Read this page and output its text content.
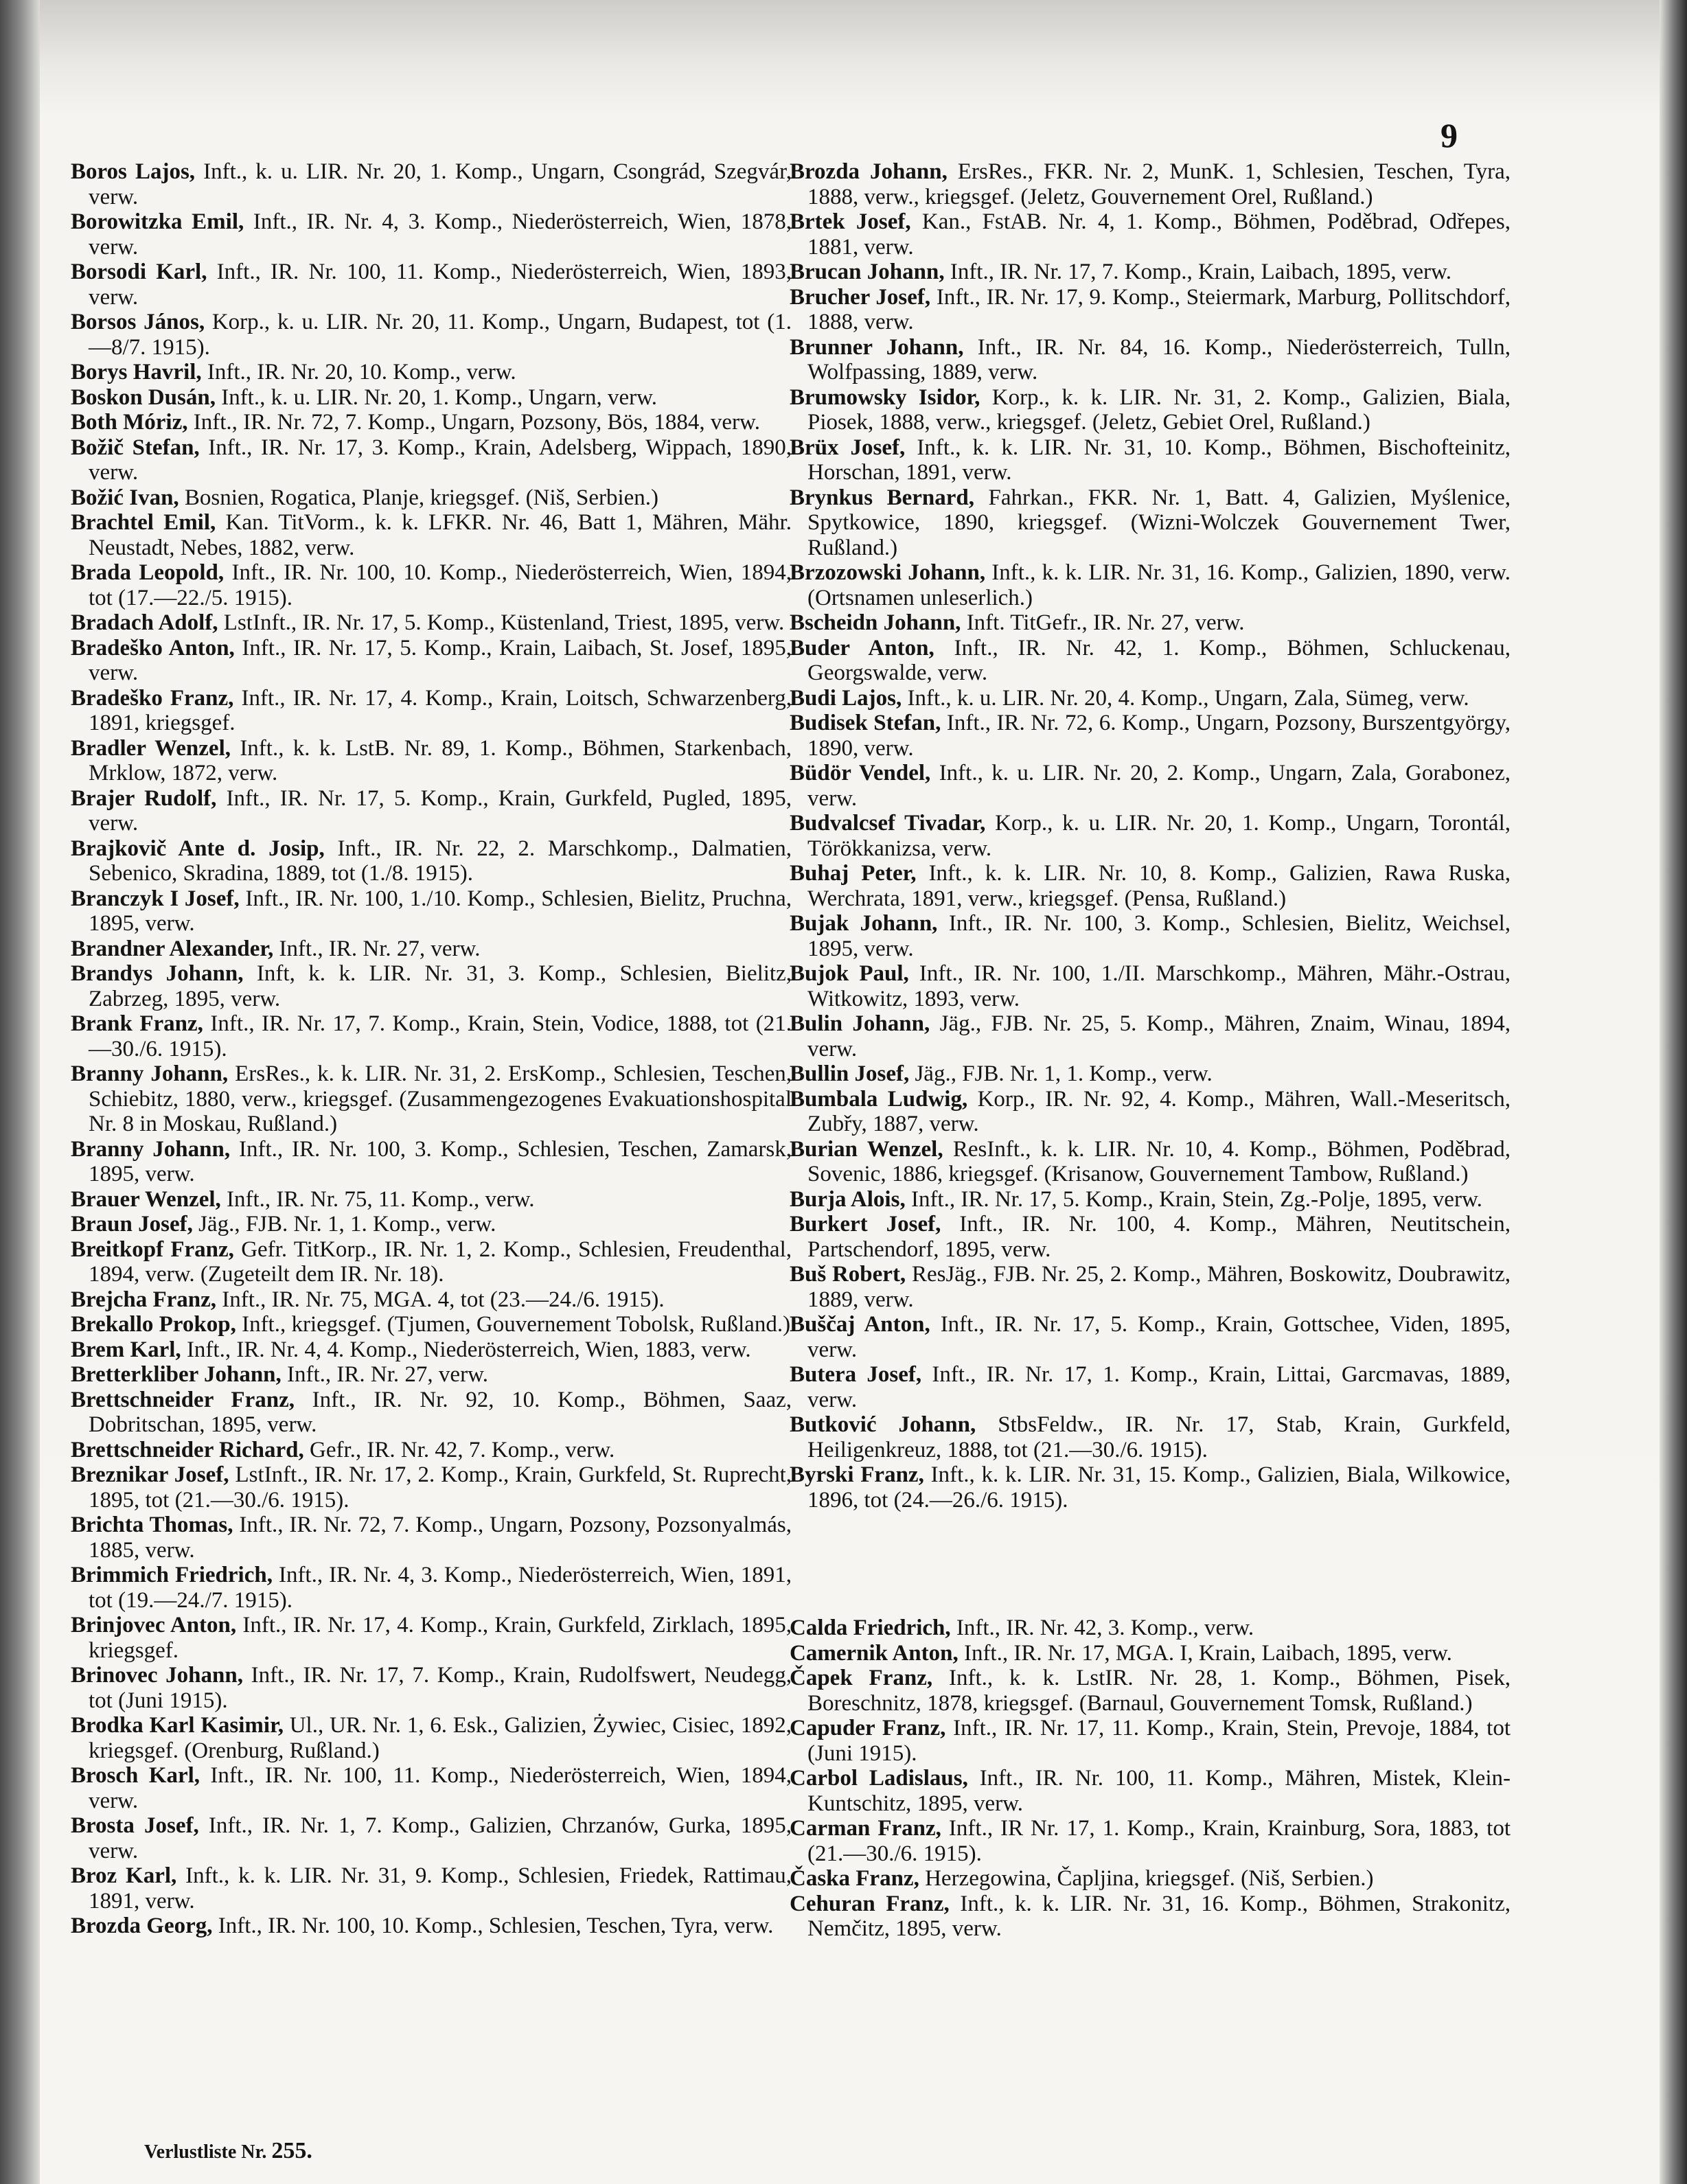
9

Boros Lajos, Inft., k. u. LIR. Nr. 20, 1. Komp., Ungarn, Csongrád, Szegvár, verw.

Borowitzka Emil, Inft., IR. Nr. 4, 3. Komp., Niederösterreich, Wien, 1878, verw.

Borsodi Karl, Inft., IR. Nr. 100, 11. Komp., Niederösterreich, Wien, 1893, verw.

Borsos János, Korp., k. u. LIR. Nr. 20, 11. Komp., Ungarn, Budapest, tot (1.—8/7. 1915).

Borys Havril, Inft., IR. Nr. 20, 10. Komp., verw.

Boskon Dusán, Inft., k. u. LIR. Nr. 20, 1. Komp., Ungarn, verw.

Both Móriz, Inft., IR. Nr. 72, 7. Komp., Ungarn, Pozsony, Bös, 1884, verw.

Božič Stefan, Inft., IR. Nr. 17, 3. Komp., Krain, Adelsberg, Wippach, 1890, verw.

Božić Ivan, Bosnien, Rogatica, Planje, kriegsgef. (Niš, Serbien.)

Brachtel Emil, Kan. TitVorm., k. k. LFKR. Nr. 46, Batt 1, Mähren, Mähr. Neustadt, Nebes, 1882, verw.

Brada Leopold, Inft., IR. Nr. 100, 10. Komp., Niederösterreich, Wien, 1894, tot (17.—22./5. 1915).

Bradach Adolf, LstInft., IR. Nr. 17, 5. Komp., Küstenland, Triest, 1895, verw.

Bradeško Anton, Inft., IR. Nr. 17, 5. Komp., Krain, Laibach, St. Josef, 1895, verw.

Bradeško Franz, Inft., IR. Nr. 17, 4. Komp., Krain, Loitsch, Schwarzenberg, 1891, kriegsgef.

Bradler Wenzel, Inft., k. k. LstB. Nr. 89, 1. Komp., Böhmen, Starkenbach, Mrklow, 1872, verw.

Brajer Rudolf, Inft., IR. Nr. 17, 5. Komp., Krain, Gurkfeld, Pugled, 1895, verw.

Brajkovič Ante d. Josip, Inft., IR. Nr. 22, 2. Marschkomp., Dalmatien, Sebenico, Skradina, 1889, tot (1./8. 1915).

Branczyk I Josef, Inft., IR. Nr. 100, 1./10. Komp., Schlesien, Bielitz, Pruchna, 1895, verw.

Brandner Alexander, Inft., IR. Nr. 27, verw.

Brandys Johann, Inft, k. k. LIR. Nr. 31, 3. Komp., Schlesien, Bielitz, Zabrzeg, 1895, verw.

Brank Franz, Inft., IR. Nr. 17, 7. Komp., Krain, Stein, Vodice, 1888, tot (21.—30./6. 1915).

Branny Johann, ErsRes., k. k. LIR. Nr. 31, 2. ErsKomp., Schlesien, Teschen, Schiebitz, 1880, verw., kriegsgef. (Zusammengezogenes Evakuationshospital Nr. 8 in Moskau, Rußland.)

Branny Johann, Inft., IR. Nr. 100, 3. Komp., Schlesien, Teschen, Zamarsk, 1895, verw.

Brauer Wenzel, Inft., IR. Nr. 75, 11. Komp., verw.

Braun Josef, Jäg., FJB. Nr. 1, 1. Komp., verw.

Breitkopf Franz, Gefr. TitKorp., IR. Nr. 1, 2. Komp., Schlesien, Freudenthal, 1894, verw. (Zugeteilt dem IR. Nr. 18).

Brejcha Franz, Inft., IR. Nr. 75, MGA. 4, tot (23.—24./6. 1915).

Brekallo Prokop, Inft., kriegsgef. (Tjumen, Gouvernement Tobolsk, Rußland.)

Brem Karl, Inft., IR. Nr. 4, 4. Komp., Niederösterreich, Wien, 1883, verw.

Bretterkliber Johann, Inft., IR. Nr. 27, verw.

Brettschneider Franz, Inft., IR. Nr. 92, 10. Komp., Böhmen, Saaz, Dobritschan, 1895, verw.

Brettschneider Richard, Gefr., IR. Nr. 42, 7. Komp., verw.

Breznikar Josef, LstInft., IR. Nr. 17, 2. Komp., Krain, Gurkfeld, St. Ruprecht, 1895, tot (21.—30./6. 1915).

Brichta Thomas, Inft., IR. Nr. 72, 7. Komp., Ungarn, Pozsony, Pozsonyalmás, 1885, verw.

Brimmich Friedrich, Inft., IR. Nr. 4, 3. Komp., Niederösterreich, Wien, 1891, tot (19.—24./7. 1915).

Brinjovec Anton, Inft., IR. Nr. 17, 4. Komp., Krain, Gurkfeld, Zirklach, 1895, kriegsgef.

Brinovec Johann, Inft., IR. Nr. 17, 7. Komp., Krain, Rudolfswert, Neudegg, tot (Juni 1915).

Brodka Karl Kasimir, Ul., UR. Nr. 1, 6. Esk., Galizien, Żywiec, Cisiec, 1892, kriegsgef. (Orenburg, Rußland.)

Brosch Karl, Inft., IR. Nr. 100, 11. Komp., Niederösterreich, Wien, 1894, verw.

Brosta Josef, Inft., IR. Nr. 1, 7. Komp., Galizien, Chrzanów, Gurka, 1895, verw.

Broz Karl, Inft., k. k. LIR. Nr. 31, 9. Komp., Schlesien, Friedek, Rattimau, 1891, verw.

Brozda Georg, Inft., IR. Nr. 100, 10. Komp., Schlesien, Teschen, Tyra, verw.

Brozda Johann, ErsRes., FKR. Nr. 2, MunK. 1, Schlesien, Teschen, Tyra, 1888, verw., kriegsgef. (Jeletz, Gouvernement Orel, Rußland.)

Brtek Josef, Kan., FstAB. Nr. 4, 1. Komp., Böhmen, Poděbrad, Odřepes, 1881, verw.

Brucan Johann, Inft., IR. Nr. 17, 7. Komp., Krain, Laibach, 1895, verw.

Brucher Josef, Inft., IR. Nr. 17, 9. Komp., Steiermark, Marburg, Pollitschdorf, 1888, verw.

Brunner Johann, Inft., IR. Nr. 84, 16. Komp., Niederösterreich, Tulln, Wolfpassing, 1889, verw.

Brumowsky Isidor, Korp., k. k. LIR. Nr. 31, 2. Komp., Galizien, Biala, Piosek, 1888, verw., kriegsgef. (Jeletz, Gebiet Orel, Rußland.)

Brüx Josef, Inft., k. k. LIR. Nr. 31, 10. Komp., Böhmen, Bischofteinitz, Horschan, 1891, verw.

Brynkus Bernard, Fahrkan., FKR. Nr. 1, Batt. 4, Galizien, Myślenice, Spytkowice, 1890, kriegsgef. (Wizni-Wolczek Gouvernement Twer, Rußland.)

Brzozowski Johann, Inft., k. k. LIR. Nr. 31, 16. Komp., Galizien, 1890, verw. (Ortsnamen unleserlich.)

Bscheidn Johann, Inft. TitGefr., IR. Nr. 27, verw.

Buder Anton, Inft., IR. Nr. 42, 1. Komp., Böhmen, Schluckenau, Georgswalde, verw.

Budi Lajos, Inft., k. u. LIR. Nr. 20, 4. Komp., Ungarn, Zala, Sümeg, verw.

Budisek Stefan, Inft., IR. Nr. 72, 6. Komp., Ungarn, Pozsony, Burszentgyörgy, 1890, verw.

Büdör Vendel, Inft., k. u. LIR. Nr. 20, 2. Komp., Ungarn, Zala, Gorabonez, verw.

Budvalcsef Tivadar, Korp., k. u. LIR. Nr. 20, 1. Komp., Ungarn, Torontál, Törökkanizsa, verw.

Buhaj Peter, Inft., k. k. LIR. Nr. 10, 8. Komp., Galizien, Rawa Ruska, Werchrata, 1891, verw., kriegsgef. (Pensa, Rußland.)

Bujak Johann, Inft., IR. Nr. 100, 3. Komp., Schlesien, Bielitz, Weichsel, 1895, verw.

Bujok Paul, Inft., IR. Nr. 100, 1./II. Marschkomp., Mähren, Mähr.-Ostrau, Witkowitz, 1893, verw.

Bulin Johann, Jäg., FJB. Nr. 25, 5. Komp., Mähren, Znaim, Winau, 1894, verw.

Bullin Josef, Jäg., FJB. Nr. 1, 1. Komp., verw.

Bumbala Ludwig, Korp., IR. Nr. 92, 4. Komp., Mähren, Wall.-Meseritsch, Zubřy, 1887, verw.

Burian Wenzel, ResInft., k. k. LIR. Nr. 10, 4. Komp., Böhmen, Poděbrad, Sovenic, 1886, kriegsgef. (Krisanow, Gouvernement Tambow, Rußland.)

Burja Alois, Inft., IR. Nr. 17, 5. Komp., Krain, Stein, Zg.-Polje, 1895, verw.

Burkert Josef, Inft., IR. Nr. 100, 4. Komp., Mähren, Neutitschein, Partschendorf, 1895, verw.

Buš Robert, ResJäg., FJB. Nr. 25, 2. Komp., Mähren, Boskowitz, Doubrawitz, 1889, verw.

Buščaj Anton, Inft., IR. Nr. 17, 5. Komp., Krain, Gottschee, Viden, 1895, verw.

Butera Josef, Inft., IR. Nr. 17, 1. Komp., Krain, Littai, Garcmavas, 1889, verw.

Butković Johann, StbsFeldw., IR. Nr. 17, Stab, Krain, Gurkfeld, Heiligenkreuz, 1888, tot (21.—30./6. 1915).

Byrski Franz, Inft., k. k. LIR. Nr. 31, 15. Komp., Galizien, Biala, Wilkowice, 1896, tot (24.—26./6. 1915).

Calda Friedrich, Inft., IR. Nr. 42, 3. Komp., verw.

Camernik Anton, Inft., IR. Nr. 17, MGA. I, Krain, Laibach, 1895, verw.

Čapek Franz, Inft., k. k. LstIR. Nr. 28, 1. Komp., Böhmen, Pisek, Boreschnitz, 1878, kriegsgef. (Barnaul, Gouvernement Tomsk, Rußland.)

Capuder Franz, Inft., IR. Nr. 17, 11. Komp., Krain, Stein, Prevoje, 1884, tot (Juni 1915).

Carbol Ladislaus, Inft., IR. Nr. 100, 11. Komp., Mähren, Mistek, Klein-Kuntschitz, 1895, verw.

Carman Franz, Inft., IR Nr. 17, 1. Komp., Krain, Krainburg, Sora, 1883, tot (21.—30./6. 1915).

Časka Franz, Herzegowina, Čapljina, kriegsgef. (Niš, Serbien.)

Cehuran Franz, Inft., k. k. LIR. Nr. 31, 16. Komp., Böhmen, Strakonitz, Nemčitz, 1895, verw.

Verlustliste Nr. 255.
